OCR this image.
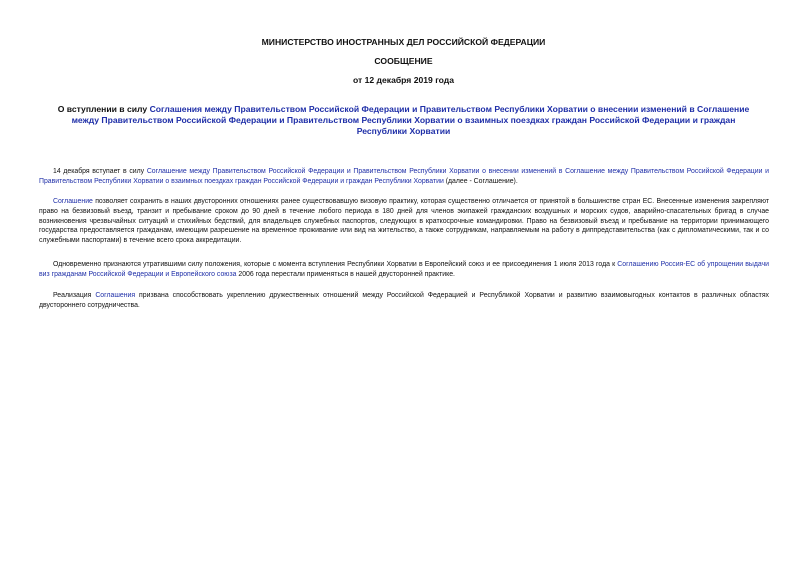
МИНИСТЕРСТВО ИНОСТРАННЫХ ДЕЛ РОССИЙСКОЙ ФЕДЕРАЦИИ
СООБЩЕНИЕ
от 12 декабря 2019 года
О вступлении в силу Соглашения между Правительством Российской Федерации и Правительством Республики Хорватии о внесении изменений в Соглашение между Правительством Российской Федерации и Правительством Республики Хорватии о взаимных поездках граждан Российской Федерации и граждан Республики Хорватии

14 декабря вступает в силу Соглашение между Правительством Российской Федерации и Правительством Республики Хорватии о внесении изменений в Соглашение между Правительством Российской Федерации и Правительством Республики Хорватии о взаимных поездках граждан Российской Федерации и граждан Республики Хорватии (далее - Соглашение).

Соглашение позволяет сохранить в наших двусторонних отношениях ранее существовавшую визовую практику, которая существенно отличается от принятой в большинстве стран ЕС. Внесенные изменения закрепляют право на безвизовый въезд, транзит и пребывание сроком до 90 дней в течение любого периода в 180 дней для членов экипажей гражданских воздушных и морских судов, аварийно-спасательных бригад в случае возникновения чрезвычайных ситуаций и стихийных бедствий, для владельцев служебных паспортов, следующих в краткосрочные командировки. Право на безвизовый въезд и пребывание на территории принимающего государства предоставляется гражданам, имеющим разрешение на временное проживание или вид на жительство, а также сотрудникам, направляемым на работу в диппредставительства (как с дипломатическими, так и со служебными паспортами) в течение всего срока аккредитации.

Одновременно признаются утратившими силу положения, которые с момента вступления Республики Хорватии в Европейский союз и ее присоединения 1 июля 2013 года к Соглашению Россия-ЕС об упрощении выдачи виз гражданам Российской Федерации и Европейского союза 2006 года перестали применяться в нашей двусторонней практике.

Реализация Соглашения призвана способствовать укреплению дружественных отношений между Российской Федерацией и Республикой Хорватии и развитию взаимовыгодных контактов в различных областях двустороннего сотрудничества.
